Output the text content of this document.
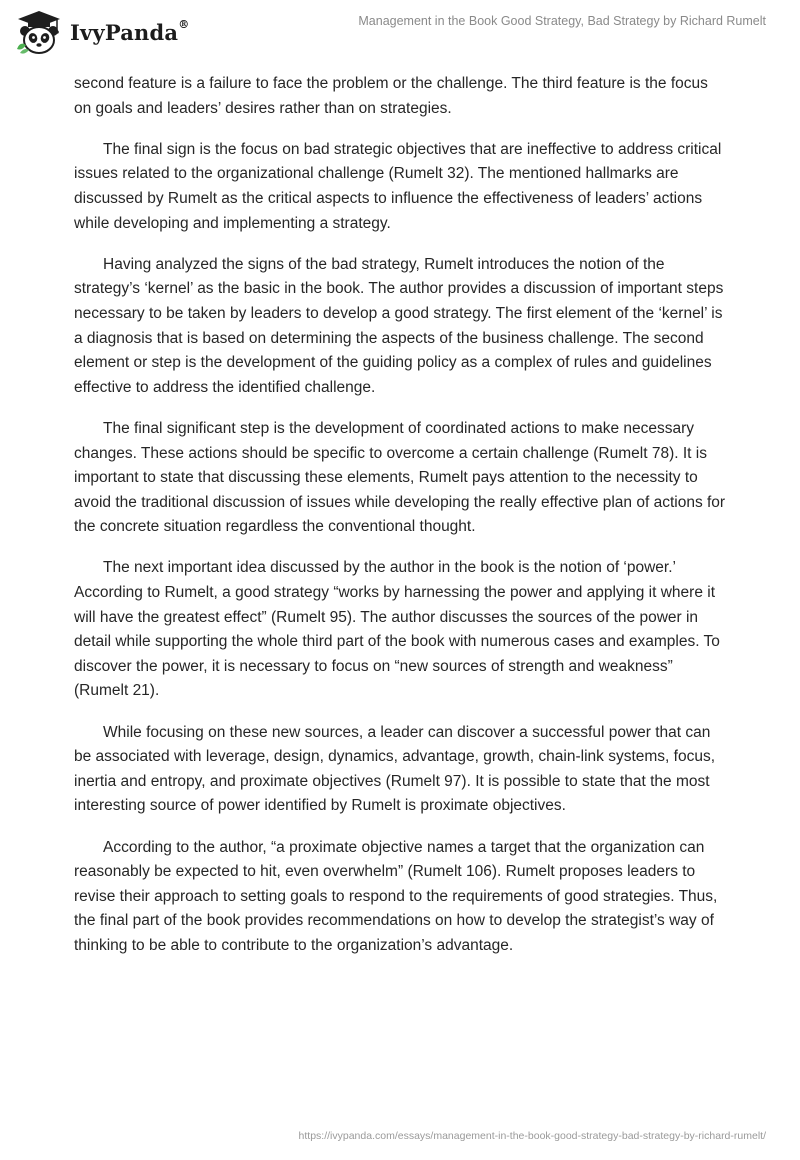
IvyPanda®	Management in the Book Good Strategy, Bad Strategy by Richard Rumelt

second feature is a failure to face the problem or the challenge. The third feature is the focus on goals and leaders’ desires rather than on strategies.

The final sign is the focus on bad strategic objectives that are ineffective to address critical issues related to the organizational challenge (Rumelt 32). The mentioned hallmarks are discussed by Rumelt as the critical aspects to influence the effectiveness of leaders’ actions while developing and implementing a strategy.

Having analyzed the signs of the bad strategy, Rumelt introduces the notion of the strategy’s ‘kernel’ as the basic in the book. The author provides a discussion of important steps necessary to be taken by leaders to develop a good strategy. The first element of the ‘kernel’ is a diagnosis that is based on determining the aspects of the business challenge. The second element or step is the development of the guiding policy as a complex of rules and guidelines effective to address the identified challenge.

The final significant step is the development of coordinated actions to make necessary changes. These actions should be specific to overcome a certain challenge (Rumelt 78). It is important to state that discussing these elements, Rumelt pays attention to the necessity to avoid the traditional discussion of issues while developing the really effective plan of actions for the concrete situation regardless the conventional thought.

The next important idea discussed by the author in the book is the notion of ‘power.’ According to Rumelt, a good strategy “works by harnessing the power and applying it where it will have the greatest effect” (Rumelt 95). The author discusses the sources of the power in detail while supporting the whole third part of the book with numerous cases and examples. To discover the power, it is necessary to focus on “new sources of strength and weakness” (Rumelt 21).

While focusing on these new sources, a leader can discover a successful power that can be associated with leverage, design, dynamics, advantage, growth, chain-link systems, focus, inertia and entropy, and proximate objectives (Rumelt 97). It is possible to state that the most interesting source of power identified by Rumelt is proximate objectives.

According to the author, “a proximate objective names a target that the organization can reasonably be expected to hit, even overwhelm” (Rumelt 106). Rumelt proposes leaders to revise their approach to setting goals to respond to the requirements of good strategies. Thus, the final part of the book provides recommendations on how to develop the strategist’s way of thinking to be able to contribute to the organization’s advantage.

https://ivypanda.com/essays/management-in-the-book-good-strategy-bad-strategy-by-richard-rumelt/
